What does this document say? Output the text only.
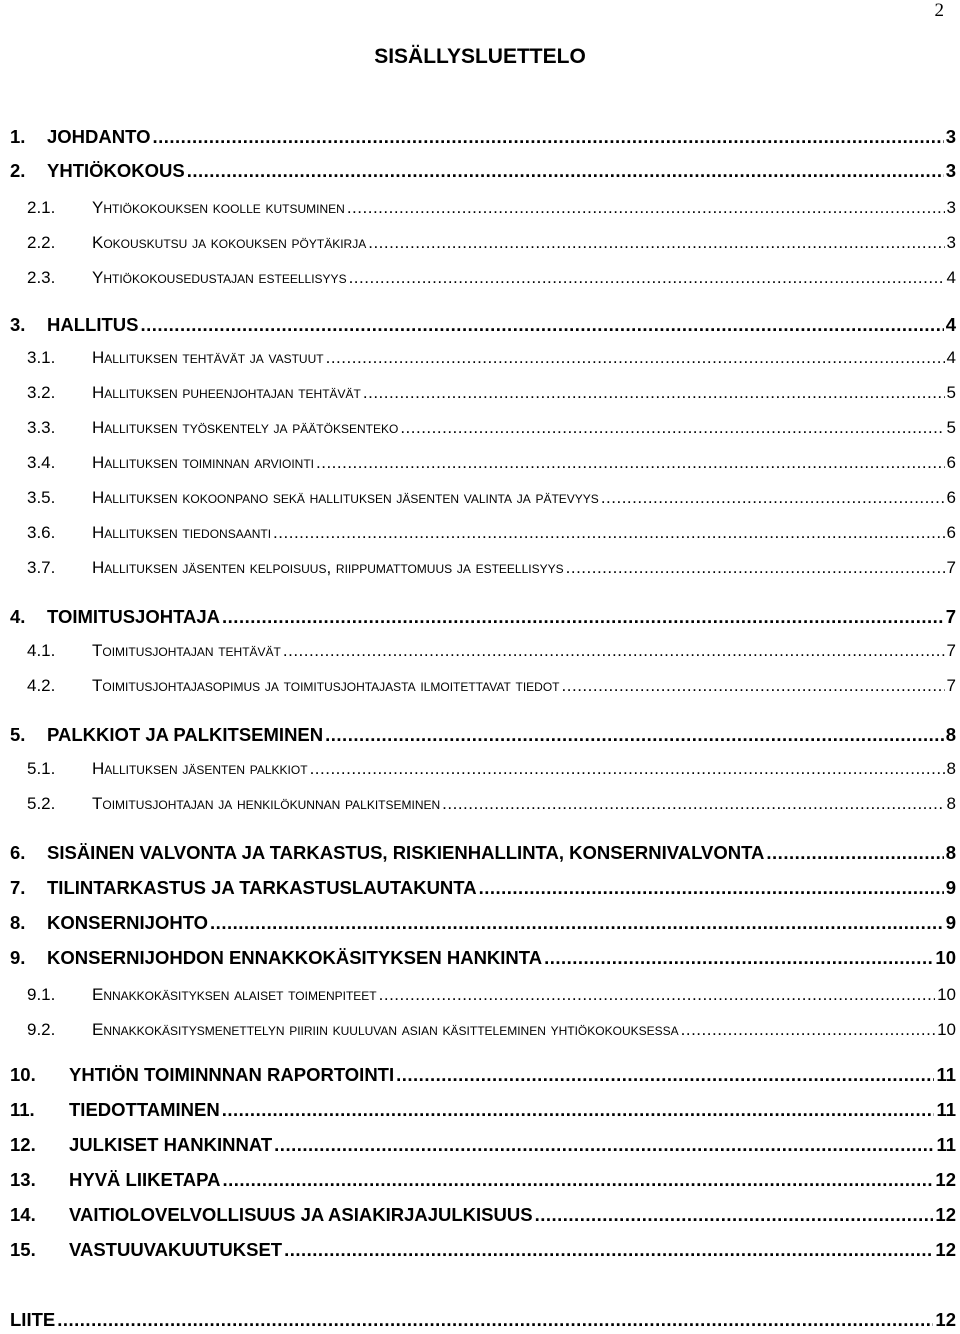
2
SISÄLLYSLUETTELO
1.	JOHDANTO .....	3
2.	YHTIÖKOKOUS .....	3
2.1.	Yhtiökokouksen koolle kutsuminen .....	3
2.2.	Kokouskutsu ja kokouksen pöytäkirja .....	3
2.3.	Yhtiökokousedustajan esteellisyys .....	4
3.	HALLITUS .....	4
3.1.	Hallituksen tehtävät ja vastuut .....	4
3.2.	Hallituksen puheenjohtajan tehtävät .....	5
3.3.	Hallituksen työskentely ja päätöksenteko .....	5
3.4.	Hallituksen toiminnan arviointi .....	6
3.5.	Hallituksen kokoonpano sekä hallituksen jäsenten valinta ja pätevyys .....	6
3.6.	Hallituksen tiedonsaanti .....	6
3.7.	Hallituksen jäsenten kelpoisuus, riippumattomuus ja esteellisyys .....	7
4.	TOIMITUSJOHTAJA .....	7
4.1.	Toimitusjohtajan tehtävät .....	7
4.2.	Toimitusjohtajasopimus ja toimitusjohtajasta ilmoitettavat tiedot .....	7
5.	PALKKIOT JA PALKITSEMINEN .....	8
5.1.	Hallituksen jäsenten palkkiot .....	8
5.2.	Toimitusjohtajan ja henkilökunnan palkitseminen .....	8
6.	SISÄINEN VALVONTA JA TARKASTUS, RISKIENHALLINTA, KONSERNIVALVONTA .....	8
7.	TILINTARKASTUS JA TARKASTUSLAUTAKUNTA .....	9
8.	KONSERNIJOHTO .....	9
9.	KONSERNIJOHDON ENNAKKOKÄSITYKSEN HANKINTA .....	10
9.1.	Ennakkokäsityksen alaiset toimenpiteet .....	10
9.2.	Ennakkokäsitysmenettelyn piiriin kuuluvan asian käsitteleminen yhtiökokouksessa .....	10
10.	YHTIÖN TOIMINNNAN RAPORTOINTI .....	11
11.	TIEDOTTAMINEN .....	11
12.	JULKISET HANKINNAT .....	11
13.	HYVÄ LIIKETAPA .....	12
14.	VAITIOLOVELVOLLISUUS JA ASIAKIRJAJULKISUUS .....	12
15.	VASTUUVAKUUTUKSET .....	12
LIITE .....	12
